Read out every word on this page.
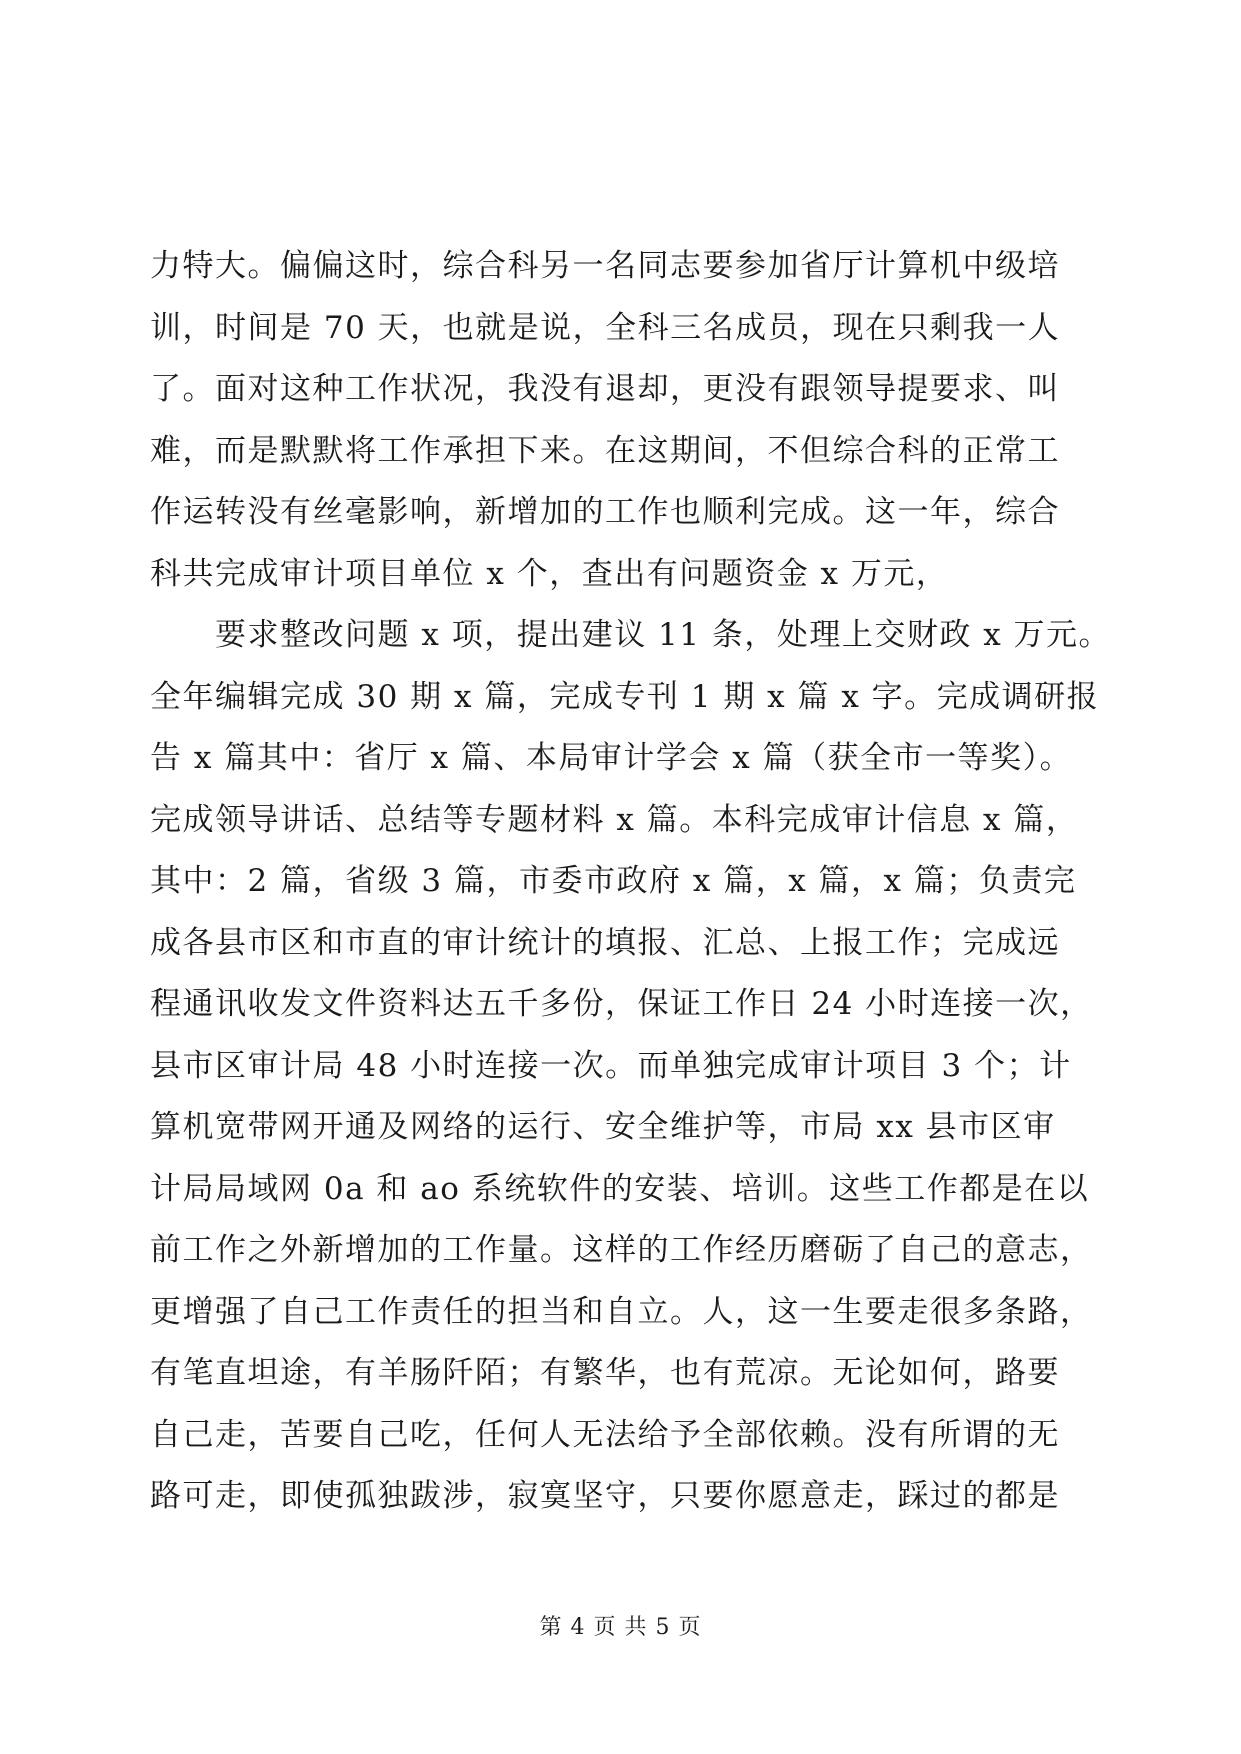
力特大。偏偏这时，综合科另一名同志要参加省厅计算机中级培
训，时间是 70 天，也就是说，全科三名成员，现在只剩我一人
了。面对这种工作状况，我没有退却，更没有跟领导提要求、叫
难，而是默默将工作承担下来。在这期间，不但综合科的正常工
作运转没有丝毫影响，新增加的工作也顺利完成。这一年，综合
科共完成审计项目单位 x 个，查出有问题资金 x 万元，
　　要求整改问题 x 项，提出建议 11 条，处理上交财政 x 万元。
全年编辑完成 30 期 x 篇，完成专刊 1 期 x 篇 x 字。完成调研报
告 x 篇其中：省厅 x 篇、本局审计学会 x 篇（获全市一等奖）。
完成领导讲话、总结等专题材料 x 篇。本科完成审计信息 x 篇，
其中：2 篇，省级 3 篇，市委市政府 x 篇，x 篇，x 篇；负责完
成各县市区和市直的审计统计的填报、汇总、上报工作；完成远
程通讯收发文件资料达五千多份，保证工作日 24 小时连接一次，
县市区审计局 48 小时连接一次。而单独完成审计项目 3 个；计
算机宽带网开通及网络的运行、安全维护等，市局 xx 县市区审
计局局域网 0a 和 ao 系统软件的安装、培训。这些工作都是在以
前工作之外新增加的工作量。这样的工作经历磨砺了自己的意志，
更增强了自己工作责任的担当和自立。人，这一生要走很多条路，
有笔直坦途，有羊肠阡陌；有繁华，也有荒凉。无论如何，路要
自己走，苦要自己吃，任何人无法给予全部依赖。没有所谓的无
路可走，即使孤独跋涉，寂寞坚守，只要你愿意走，踩过的都是
第 4 页 共 5 页
